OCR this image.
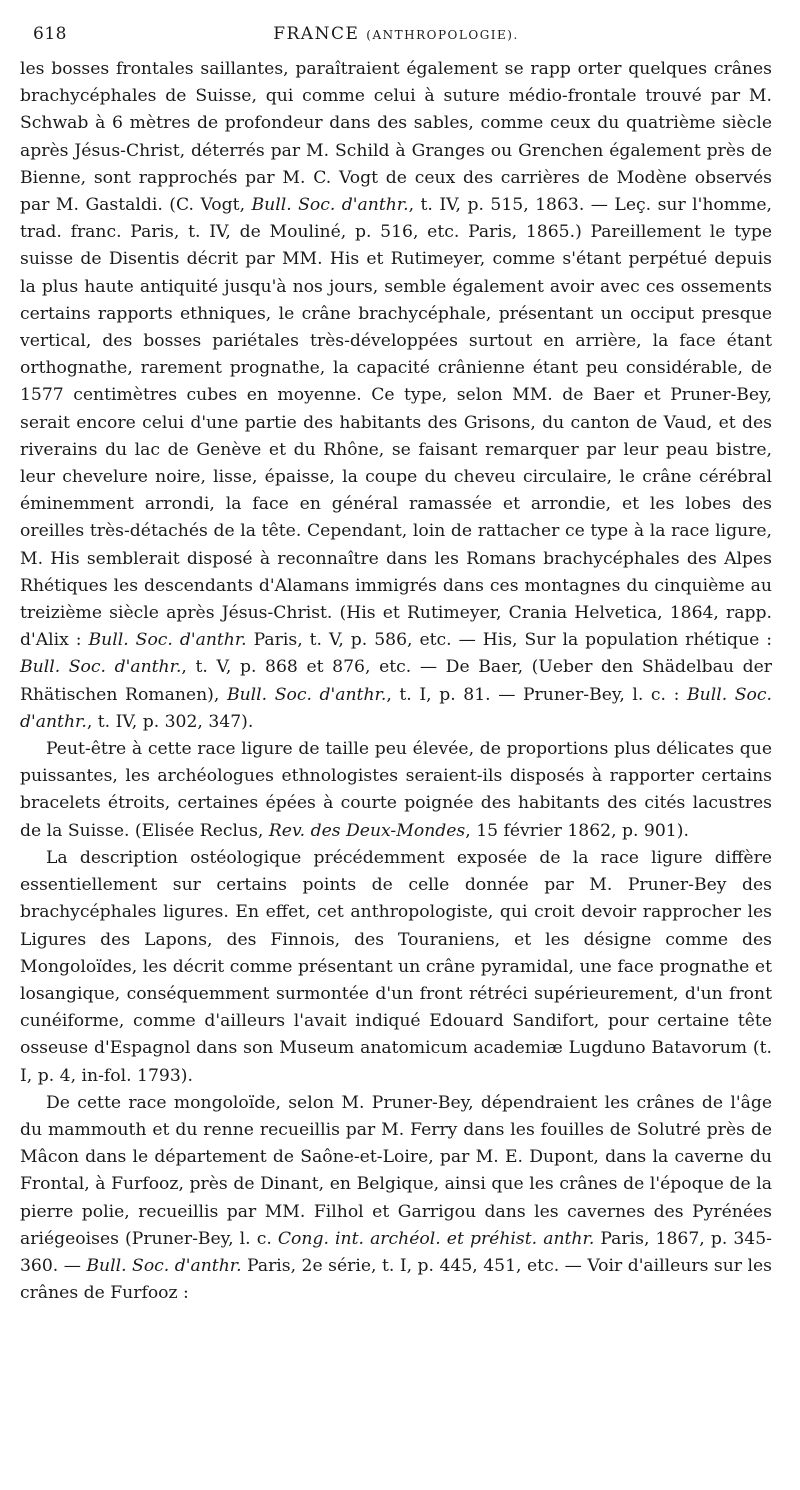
618	FRANCE (ANTHROPOLOGIE).

les bosses frontales saillantes, paraîtraient également se rapp orter quelques crânes brachycéphales de Suisse, qui comme celui à suture médio-frontale trouvé par M. Schwab à 6 mètres de profondeur dans des sables, comme ceux du quatrième siècle après Jésus-Christ, déterrés par M. Schild à Granges ou Grenchen également près de Bienne, sont rapprochés par M. C. Vogt de ceux des carrières de Modène observés par M. Gastaldi. (C. Vogt, Bull. Soc. d'anthr., t. IV, p. 515, 1863. — Leç. sur l'homme, trad. franc. Paris, t. IV, de Mouliné, p. 516, etc. Paris, 1865.) Pareillement le type suisse de Disentis décrit par MM. His et Rutimeyer, comme s'étant perpétué depuis la plus haute antiquité jusqu'à nos jours, semble également avoir avec ces ossements certains rapports ethniques, le crâne brachycéphale, présentant un occiput presque vertical, des bosses pariétales très-développées surtout en arrière, la face étant orthognathe, rarement prognathe, la capacité crânienne étant peu considérable, de 1577 centimètres cubes en moyenne. Ce type, selon MM. de Baer et Pruner-Bey, serait encore celui d'une partie des habitants des Grisons, du canton de Vaud, et des riverains du lac de Genève et du Rhône, se faisant remarquer par leur peau bistre, leur chevelure noire, lisse, épaisse, la coupe du cheveu circulaire, le crâne cérébral éminemment arrondi, la face en général ramassée et arrondie, et les lobes des oreilles très-détachés de la tête. Cependant, loin de rattacher ce type à la race ligure, M. His semblerait disposé à reconnaître dans les Romans brachycéphales des Alpes Rhétiques les descendants d'Alamans immigrés dans ces montagnes du cinquième au treizième siècle après Jésus-Christ. (His et Rutimeyer, Crania Helvetica, 1864, rapp. d'Alix : Bull. Soc. d'anthr. Paris, t. V, p. 586, etc. — His, Sur la population rhétique : Bull. Soc. d'anthr., t. V, p. 868 et 876, etc. — De Baer, (Ueber den Shädelbau der Rhätischen Romanen), Bull. Soc. d'anthr., t. I, p. 81. — Pruner-Bey, l. c. : Bull. Soc. d'anthr., t. IV, p. 302, 347).

Peut-être à cette race ligure de taille peu élevée, de proportions plus délicates que puissantes, les archéologues ethnologistes seraient-ils disposés à rapporter certains bracelets étroits, certaines épées à courte poignée des habitants des cités lacustres de la Suisse. (Elisée Reclus, Rev. des Deux-Mondes, 15 février 1862, p. 901).

La description ostéologique précédemment exposée de la race ligure diffère essentiellement sur certains points de celle donnée par M. Pruner-Bey des brachycéphales ligures. En effet, cet anthropologiste, qui croit devoir rapprocher les Ligures des Lapons, des Finnois, des Touraniens, et les désigne comme des Mongoloïdes, les décrit comme présentant un crâne pyramidal, une face prognathe et losangique, conséquemment surmontée d'un front rétréci supérieurement, d'un front cunéiforme, comme d'ailleurs l'avait indiqué Edouard Sandifort, pour certaine tête osseuse d'Espagnol dans son Museum anatomicum academiæ Lugduno Batavorum (t. I, p. 4, in-fol. 1793).

De cette race mongoloïde, selon M. Pruner-Bey, dépendraient les crânes de l'âge du mammouth et du renne recueillis par M. Ferry dans les fouilles de Solutré près de Mâcon dans le département de Saône-et-Loire, par M. E. Dupont, dans la caverne du Frontal, à Furfooz, près de Dinant, en Belgique, ainsi que les crânes de l'époque de la pierre polie, recueillis par MM. Filhol et Garrigou dans les cavernes des Pyrénées ariégeoises (Pruner-Bey, l. c. Cong. int. archéol. et préhist. anthr. Paris, 1867, p. 345-360. — Bull. Soc. d'anthr. Paris, 2e série, t. I, p. 445, 451, etc. — Voir d'ailleurs sur les crânes de Furfooz :
